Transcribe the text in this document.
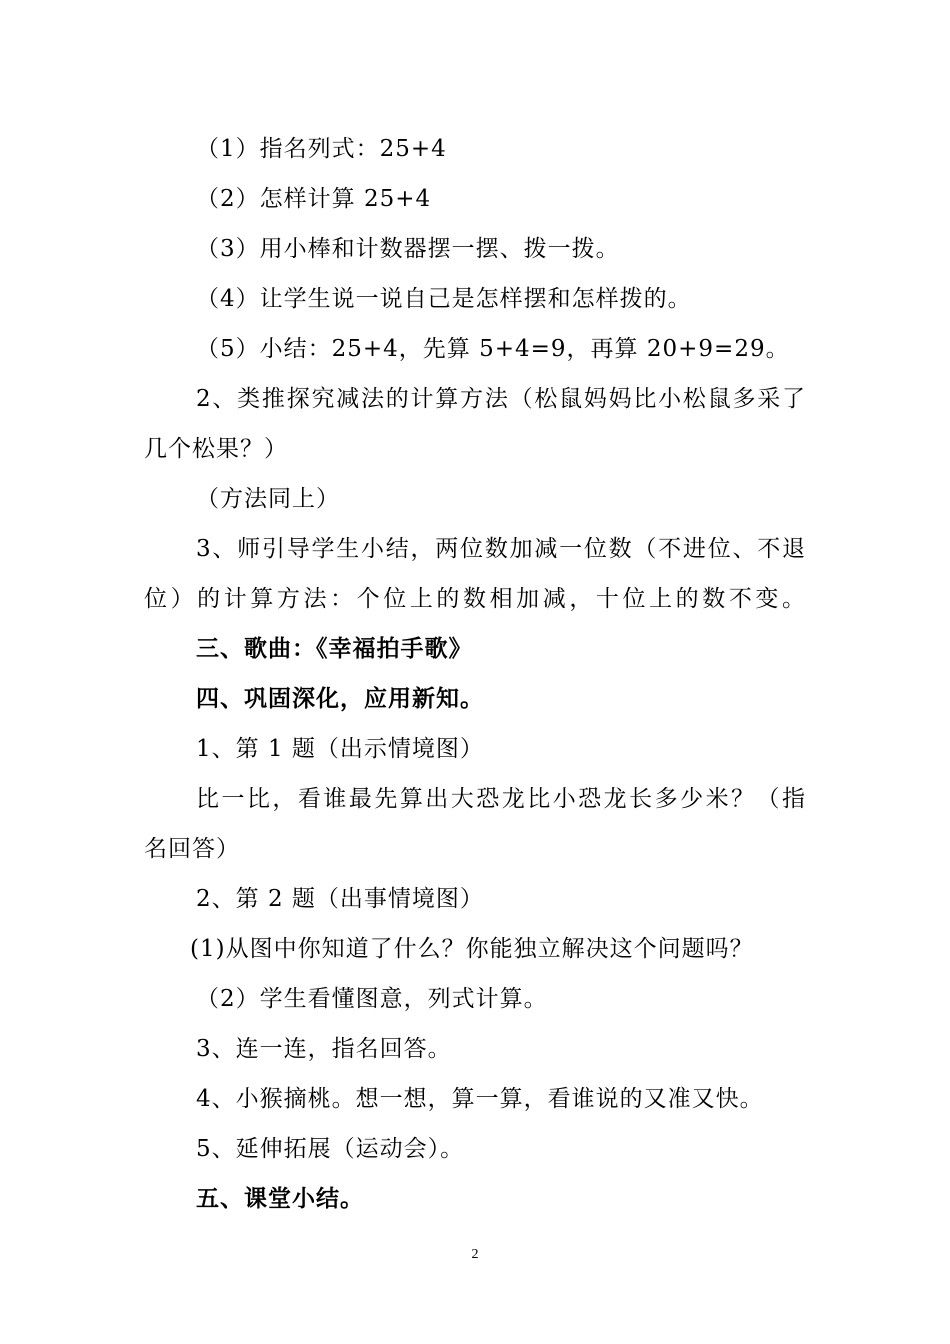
（1）指名列式：25+4
（2）怎样计算 25+4
（3）用小棒和计数器摆一摆、拨一拨。
（4）让学生说一说自己是怎样摆和怎样拨的。
（5）小结：25+4，先算 5+4=9，再算 20+9=29。
2、类推探究减法的计算方法（松鼠妈妈比小松鼠多采了
几个松果？）
（方法同上）
3、师引导学生小结，两位数加减一位数（不进位、不退
位）的计算方法：个位上的数相加减，十位上的数不变。
三、歌曲：《幸福拍手歌》
四、巩固深化，应用新知。
1、第 1 题（出示情境图）
比一比，看谁最先算出大恐龙比小恐龙长多少米？（指
名回答）
2、第 2 题（出事情境图）
(1)从图中你知道了什么？你能独立解决这个问题吗？
（2）学生看懂图意，列式计算。
3、连一连，指名回答。
4、小猴摘桃。想一想，算一算，看谁说的又准又快。
5、延伸拓展（运动会）。
五、课堂小结。
2
